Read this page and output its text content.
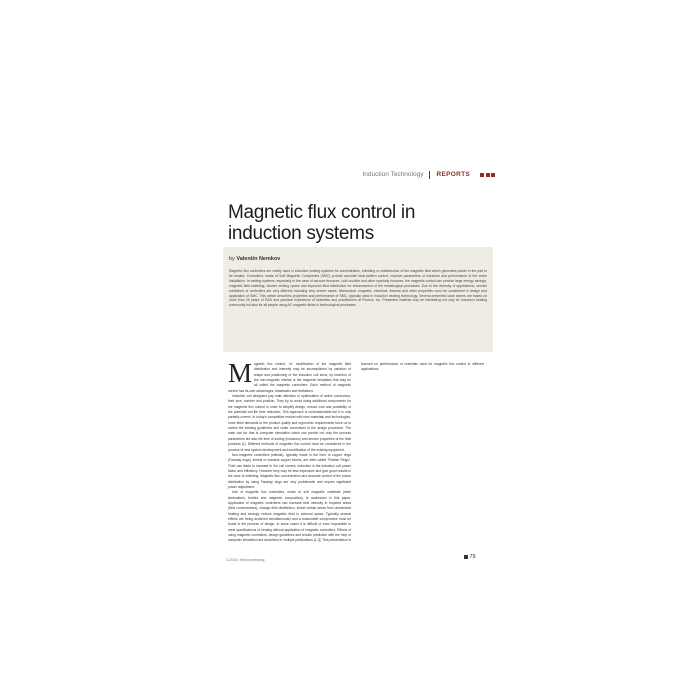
Induction Technology REPORTS
Magnetic flux control in induction systems
by Valentin Nemkov

Magnetic flux controllers are widely used in induction heating systems for concentration, shielding or redistribution of the magnetic field which generates power in the part to be heated. Controllers, made of Soft Magnetic Composites (SMC) provide accurate heat pattern control, improve parameters of inductors and performance of the entire installation. In melting systems, especially in the case of vacuum furnaces, cold crucible and other specialty furnaces, the magnetic control can provide large energy savings, magnetic field shielding, shorter melting cycles and improved field distribution for enhancement of the metallurgical processes. Due to the diversity of applications, service conditions of controllers are very different including very severe cases. Mechanical, magnetic, electrical, thermal and other properties must be considered in design and application of SMC. This article describes properties and performance of SMC, typically used in induction heating technology. Several presented case stories are based on more than 20 years of R&D and practical experience of scientists and practitioners at Fluxtrol, Inc. Presented material may be interesting not only for induction heating community but also for all people using AC magnetic fields in technological processes.

Magnetic flux control, i.e. modification of the magnetic field distribution and intensity may be accomplished by variation of shape and positioning of the induction coil turns, by insertion of the non-magnetic shields or the magnetic templates that may be all called the magnetic controllers. Each method of magnetic control has its own advantages, drawbacks and limitations.

Induction coil designers pay main attention to optimisation of active conductors, their size, number and position. They try to avoid using additional components for the magnetic flux control in order to simplify design, reduce cost and possibility of the potential coil life time reduction. This approach is understandable but it is only partially correct. In today's competitive market with new materials and technologies, more strict demands to the product quality and ergonomic requirements force us to review the existing guidelines and make corrections to the design procedure. The main tool for that is computer simulation which can predict not only the process parameters but also life time of tooling (inductors) and service properties of the final products [1]. Different methods of magnetic flux control must be considered in the process of new system development and modification of the existing equipment.

Non-magnetic controllers (shields), typically made in the form of copper rings (Faraday rings), sheets or massive copper blocks, are often called "Robber Rings". Their use leads to increase in the coil current, reduction in the induction coil power factor and efficiency. However they may be less expensive and give good results in the case of shielding. Magnetic flux concentration and accurate control of the power distribution by using Faraday rings are very problematic and require significant power adjustment.

Use of magnetic flux controllers, made of soft magnetic materials (steel laminations, ferrites and magnetic composites), is addressed in this paper. Application of magnetic controllers can increase field intensity in required areas (field concentrators), change field distribution, shield certain areas from unintended heating and strongly reduce magnetic field in external space. Typically several effects are being achieved simultaneously and a reasonable compromise must be found in the process of design. In some cases it is difficult or even impossible to meet specifications of heating without application of magnetic controllers. Effects of using magnetic controllers, design guidelines and results prediction with the help of computer simulation are described in multiple publications [1-3]. This presentation is focused on performance of materials used for magnetic flux control in different applications.

3-2016 | heat processing	79
